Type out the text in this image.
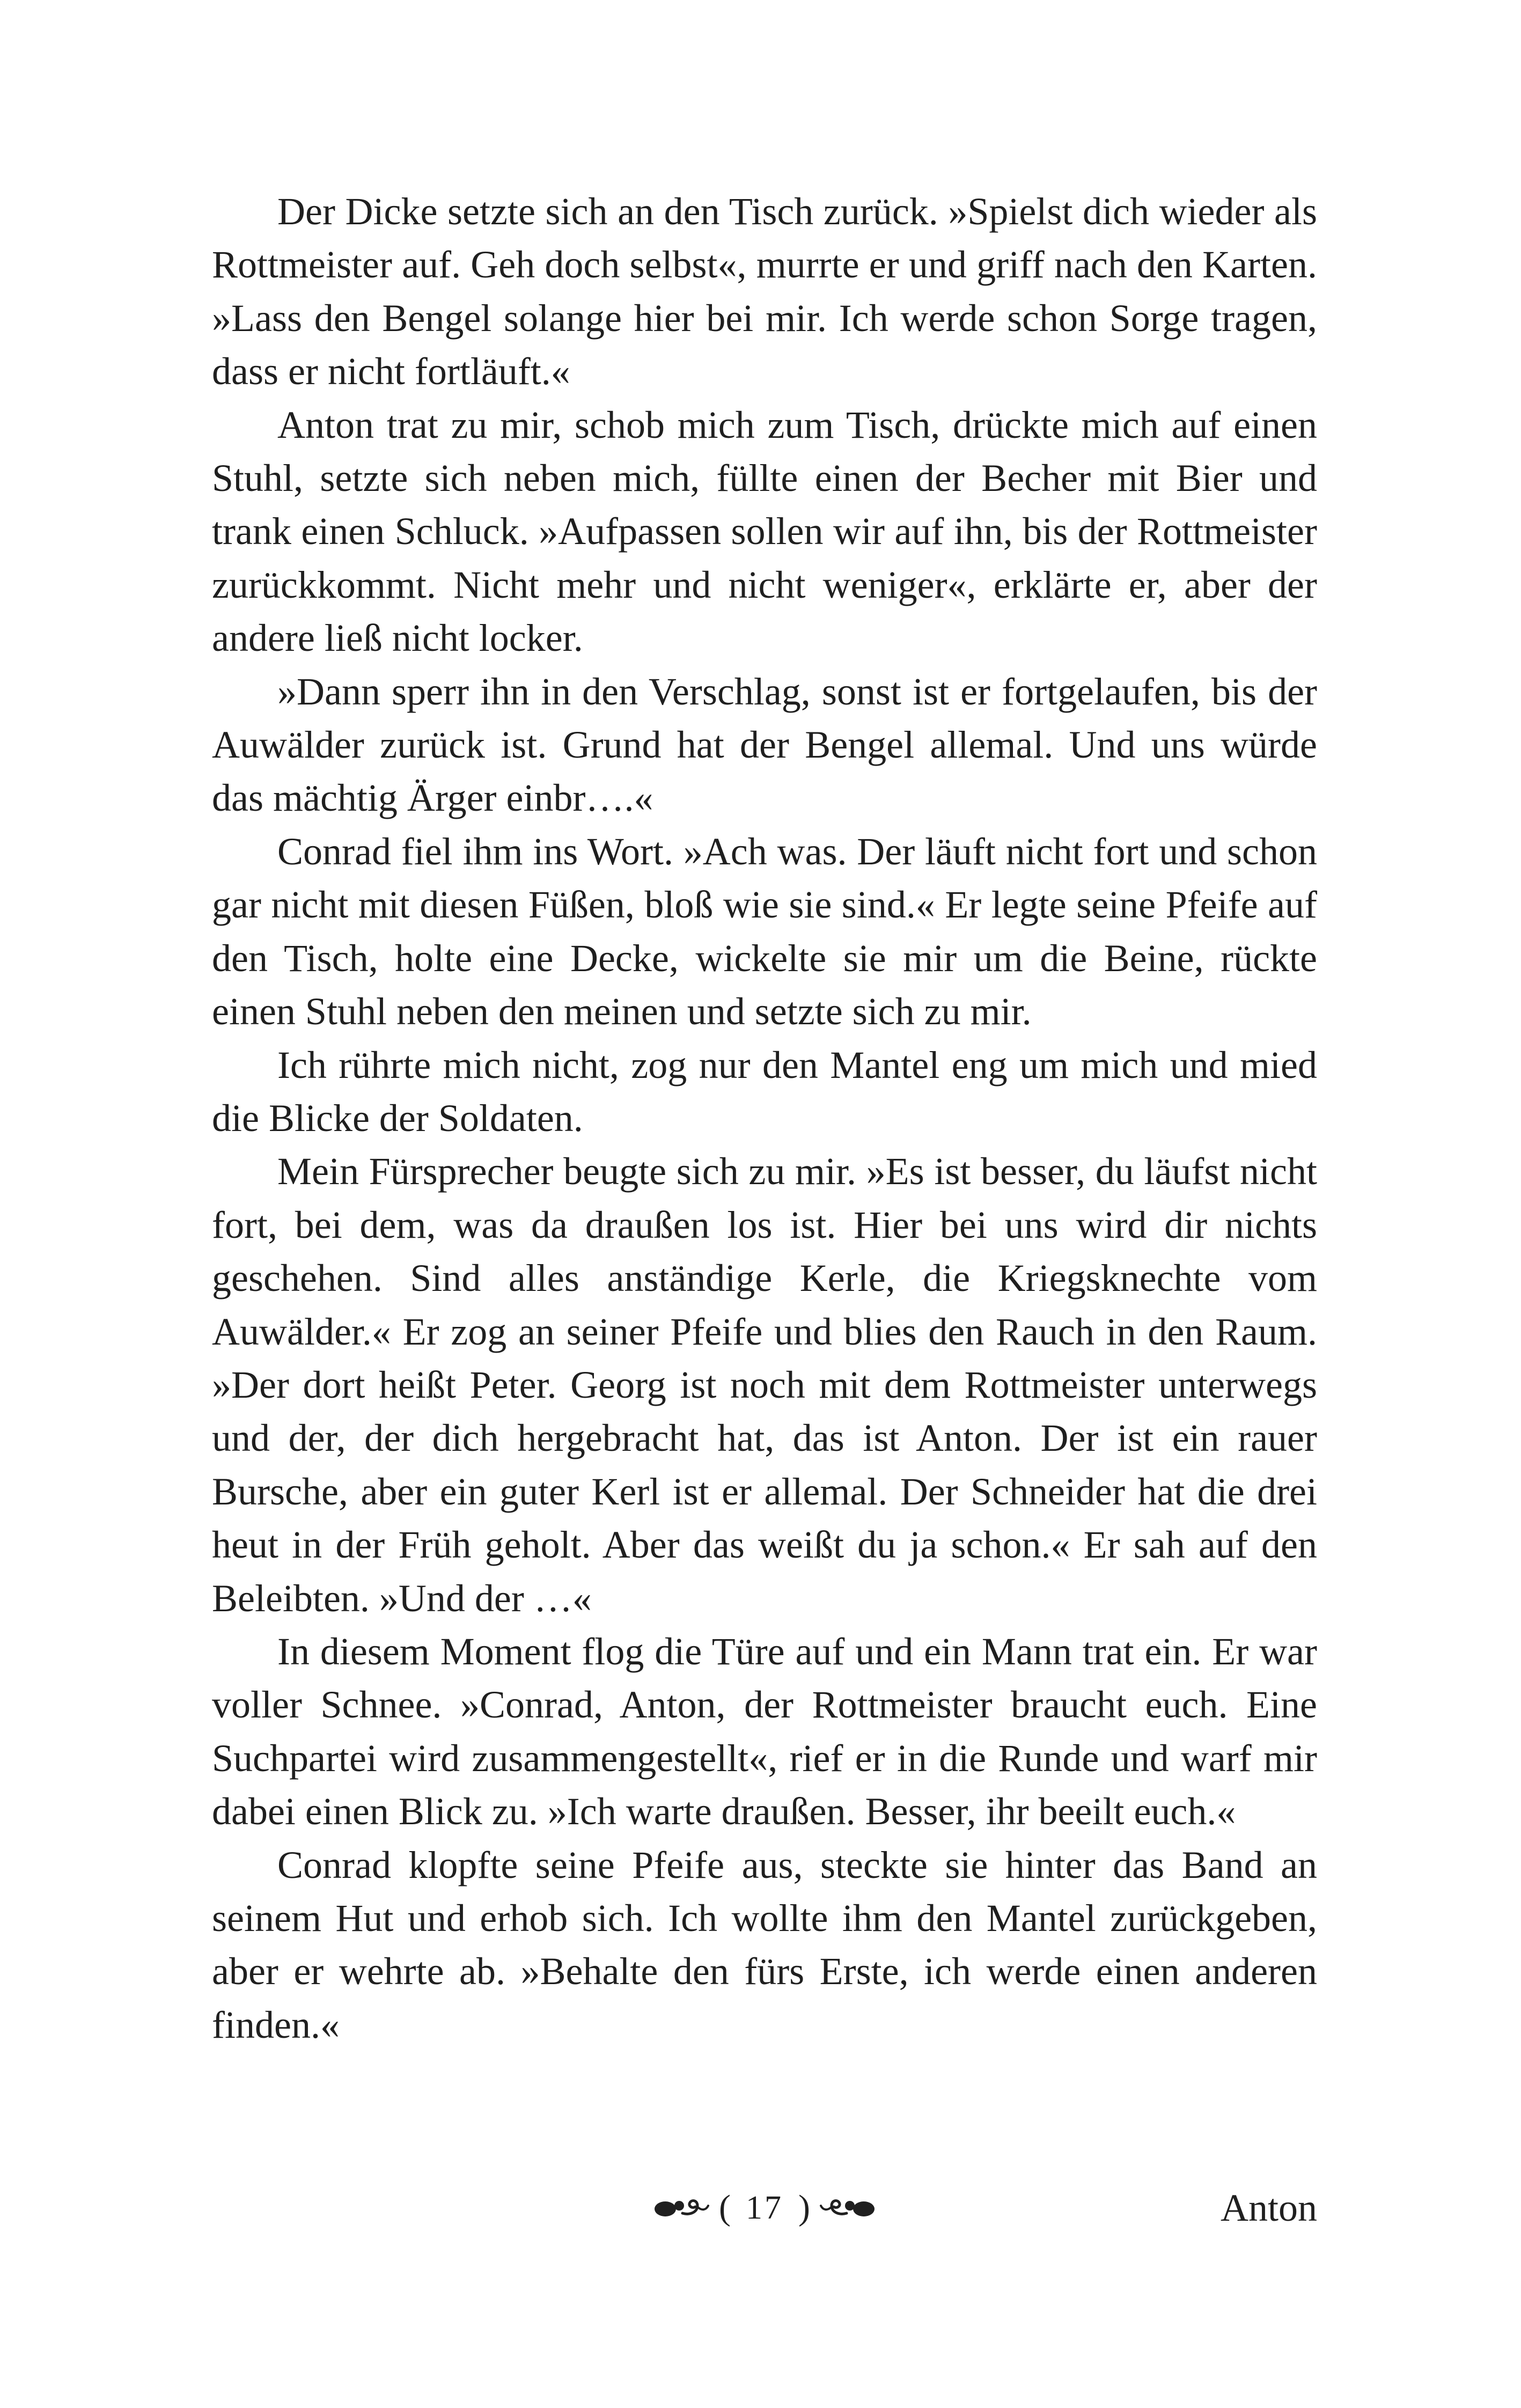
Der Dicke setzte sich an den Tisch zurück. »Spielst dich wieder als Rottmeister auf. Geh doch selbst«, murrte er und griff nach den Karten. »Lass den Bengel solange hier bei mir. Ich werde schon Sorge tragen, dass er nicht fortläuft.«

Anton trat zu mir, schob mich zum Tisch, drückte mich auf einen Stuhl, setzte sich neben mich, füllte einen der Becher mit Bier und trank einen Schluck. »Aufpassen sollen wir auf ihn, bis der Rottmeister zurückkommt. Nicht mehr und nicht weniger«, erklärte er, aber der andere ließ nicht locker.

»Dann sperr ihn in den Verschlag, sonst ist er fortgelaufen, bis der Auwälder zurück ist. Grund hat der Bengel allemal. Und uns würde das mächtig Ärger einbr….«

Conrad fiel ihm ins Wort. »Ach was. Der läuft nicht fort und schon gar nicht mit diesen Füßen, bloß wie sie sind.« Er legte seine Pfeife auf den Tisch, holte eine Decke, wickelte sie mir um die Beine, rückte einen Stuhl neben den meinen und setzte sich zu mir.

Ich rührte mich nicht, zog nur den Mantel eng um mich und mied die Blicke der Soldaten.

Mein Fürsprecher beugte sich zu mir. »Es ist besser, du läufst nicht fort, bei dem, was da draußen los ist. Hier bei uns wird dir nichts geschehen. Sind alles anständige Kerle, die Kriegsknechte vom Auwälder.« Er zog an seiner Pfeife und blies den Rauch in den Raum. »Der dort heißt Peter. Georg ist noch mit dem Rottmeister unterwegs und der, der dich hergebracht hat, das ist Anton. Der ist ein rauer Bursche, aber ein guter Kerl ist er allemal. Der Schneider hat die drei heut in der Früh geholt. Aber das weißt du ja schon.« Er sah auf den Beleibten. »Und der …«

In diesem Moment flog die Türe auf und ein Mann trat ein. Er war voller Schnee. »Conrad, Anton, der Rottmeister braucht euch. Eine Suchpartei wird zusammengestellt«, rief er in die Runde und warf mir dabei einen Blick zu. »Ich warte draußen. Besser, ihr beeilt euch.«

Conrad klopfte seine Pfeife aus, steckte sie hinter das Band an seinem Hut und erhob sich. Ich wollte ihm den Mantel zurückgeben, aber er wehrte ab. »Behalte den fürs Erste, ich werde einen anderen finden.«

( 17 )	Anton
